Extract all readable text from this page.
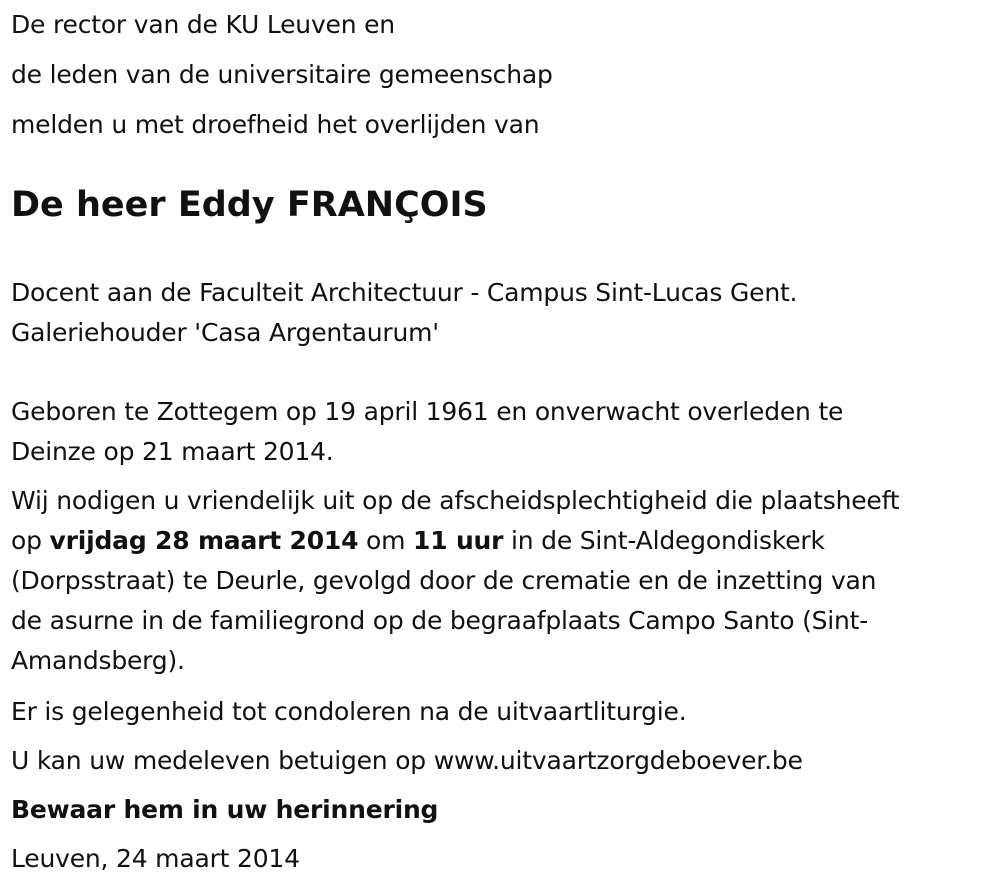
De rector van de KU Leuven en

de leden van de universitaire gemeenschap

melden u met droefheid het overlijden van

De heer Eddy FRANÇOIS

Docent aan de Faculteit Architectuur - Campus Sint-Lucas Gent.

Galeriehouder 'Casa Argentaurum'

Geboren te Zottegem op 19 april 1961 en onverwacht overleden te

Deinze op 21 maart 2014.

Wij nodigen u vriendelijk uit op de afscheidsplechtigheid die plaatsheeft

op vrijdag 28 maart 2014 om 11 uur in de Sint-Aldegondiskerk

(Dorpsstraat) te Deurle, gevolgd door de crematie en de inzetting van

de asurne in de familiegrond op de begraafplaats Campo Santo (Sint-

Amandsberg).

Er is gelegenheid tot condoleren na de uitvaartliturgie.

U kan uw medeleven betuigen op www.uitvaartzorgdeboever.be

Bewaar hem in uw herinnering

Leuven, 24 maart 2014
